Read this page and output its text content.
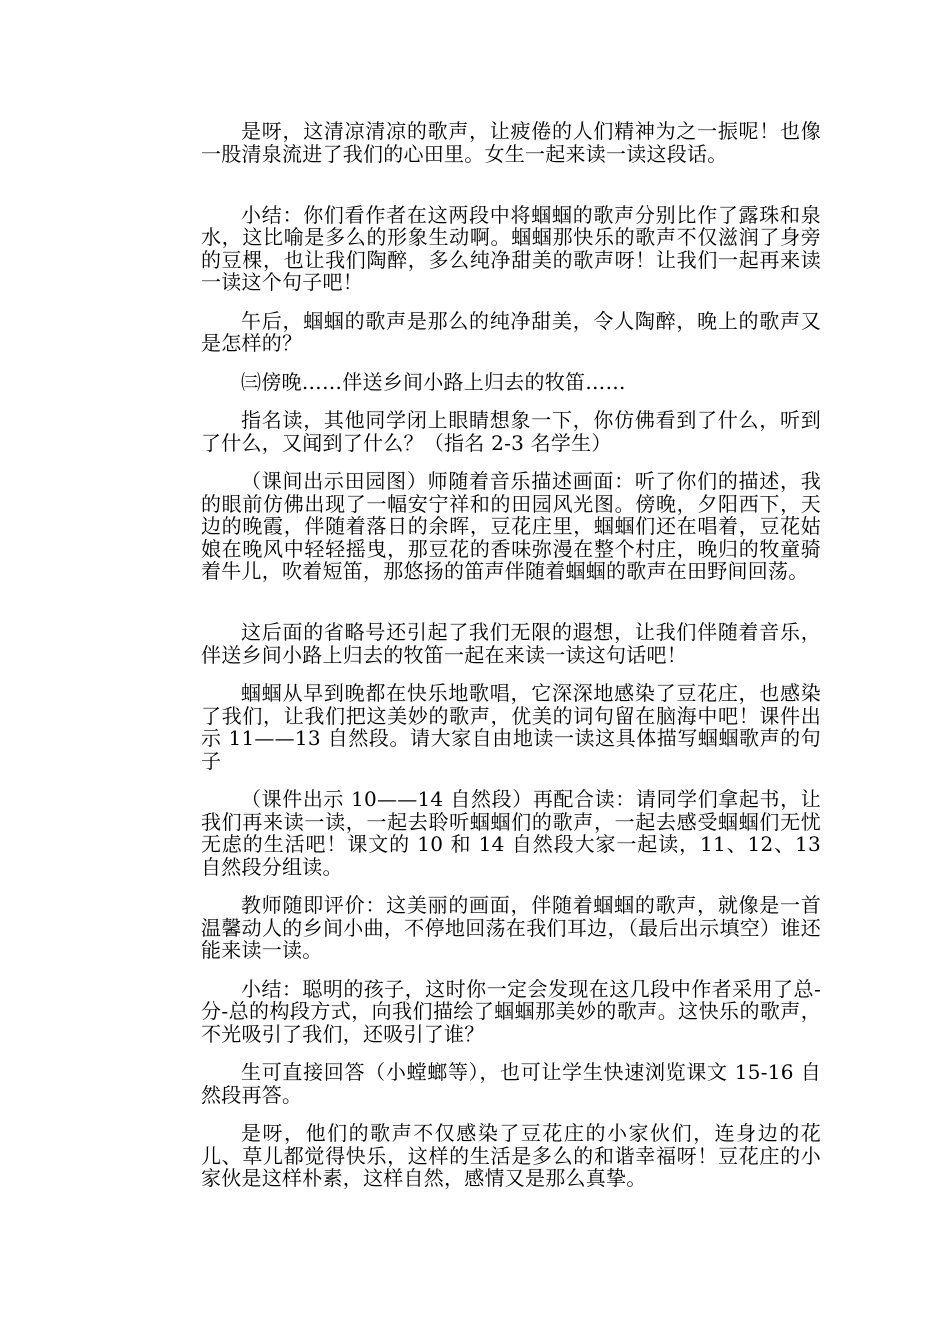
是呀，这清凉清凉的歌声，让疲倦的人们精神为之一振呢！也像一股清泉流进了我们的心田里。女生一起来读一读这段话。

小结：你们看作者在这两段中将蝈蝈的歌声分别比作了露珠和泉水，这比喻是多么的形象生动啊。蝈蝈那快乐的歌声不仅滋润了身旁的豆棵，也让我们陶醉，多么纯净甜美的歌声呀！让我们一起再来读一读这个句子吧！

午后，蝈蝈的歌声是那么的纯净甜美，令人陶醉，晚上的歌声又是怎样的？

㈢傍晚……伴送乡间小路上归去的牧笛……

指名读，其他同学闭上眼睛想象一下，你仿佛看到了什么，听到了什么，又闻到了什么？（指名 2-3 名学生）

（课间出示田园图）师随着音乐描述画面：听了你们的描述，我的眼前仿佛出现了一幅安宁祥和的田园风光图。傍晚，夕阳西下，天边的晚霞，伴随着落日的余晖，豆花庄里，蝈蝈们还在唱着，豆花姑娘在晚风中轻轻摇曳，那豆花的香味弥漫在整个村庄，晚归的牧童骑着牛儿，吹着短笛，那悠扬的笛声伴随着蝈蝈的歌声在田野间回荡。

这后面的省略号还引起了我们无限的遐想，让我们伴随着音乐，伴送乡间小路上归去的牧笛一起在来读一读这句话吧！

蝈蝈从早到晚都在快乐地歌唱，它深深地感染了豆花庄，也感染了我们，让我们把这美妙的歌声，优美的词句留在脑海中吧！课件出示 11——13 自然段。请大家自由地读一读这具体描写蝈蝈歌声的句子

（课件出示 10——14 自然段）再配合读：请同学们拿起书，让我们再来读一读，一起去聆听蝈蝈们的歌声，一起去感受蝈蝈们无忧无虑的生活吧！课文的 10 和 14 自然段大家一起读，11、12、13 自然段分组读。

教师随即评价：这美丽的画面，伴随着蝈蝈的歌声，就像是一首温馨动人的乡间小曲，不停地回荡在我们耳边，（最后出示填空）谁还能来读一读。

小结：聪明的孩子，这时你一定会发现在这几段中作者采用了总-分-总的构段方式，向我们描绘了蝈蝈那美妙的歌声。这快乐的歌声，不光吸引了我们，还吸引了谁？

生可直接回答（小螳螂等），也可让学生快速浏览课文 15-16 自然段再答。

是呀，他们的歌声不仅感染了豆花庄的小家伙们，连身边的花儿、草儿都觉得快乐，这样的生活是多么的和谐幸福呀！豆花庄的小家伙是这样朴素，这样自然，感情又是那么真挚。
